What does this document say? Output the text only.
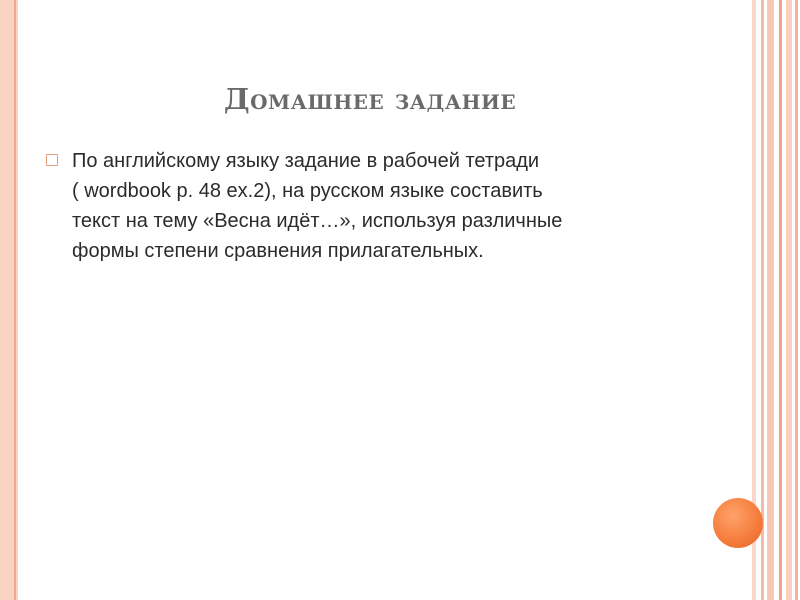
Домашнее задание
По английскому языку задание в рабочей тетради
( wordbook p. 48 ex.2), на русском языке составить
текст на тему «Весна идёт…», используя различные
формы степени сравнения прилагательных.
